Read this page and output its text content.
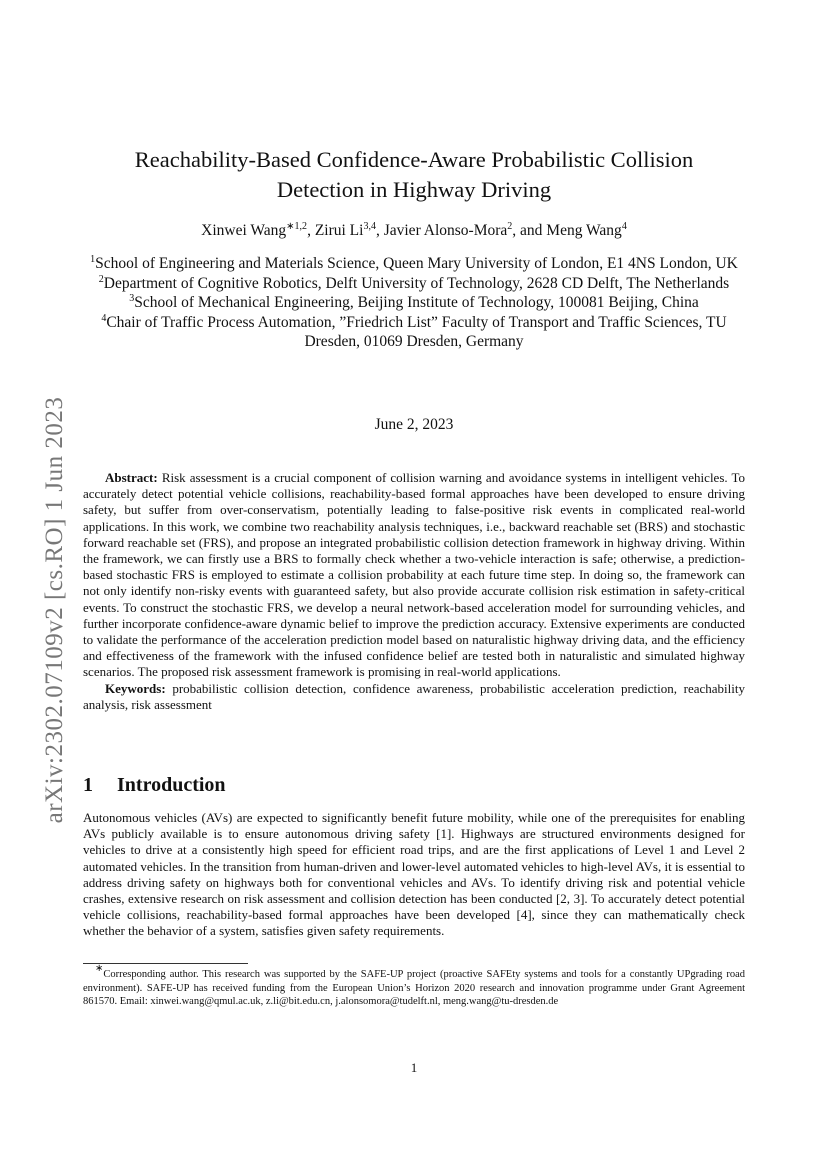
arXiv:2302.07109v2 [cs.RO] 1 Jun 2023
Reachability-Based Confidence-Aware Probabilistic Collision
Detection in Highway Driving
Xinwei Wang$^{∗1,2}$, Zirui Li$^{3,4}$, Javier Alonso-Mora$^2$, and Meng Wang$^4$
$^1$School of Engineering and Materials Science, Queen Mary University of London, E1 4NS London, UK
$^2$Department of Cognitive Robotics, Delft University of Technology, 2628 CD Delft, The Netherlands
$^3$School of Mechanical Engineering, Beijing Institute of Technology, 100081 Beijing, China
$^4$Chair of Traffic Process Automation, ”Friedrich List” Faculty of Transport and Traffic Sciences, TU Dresden, 01069 Dresden, Germany
June 2, 2023

Abstract: Risk assessment is a crucial component of collision warning and avoidance systems in intelligent vehicles. To accurately detect potential vehicle collisions, reachability-based formal approaches have been developed to ensure driving safety, but suffer from over-conservatism, potentially leading to false-positive risk events in complicated real-world applications. In this work, we combine two reachability analysis techniques, i.e., backward reachable set (BRS) and stochastic forward reachable set (FRS), and propose an integrated probabilistic collision detection framework in highway driving. Within the framework, we can firstly use a BRS to formally check whether a two-vehicle interaction is safe; otherwise, a prediction-based stochastic FRS is employed to estimate a collision probability at each future time step. In doing so, the framework can not only identify non-risky events with guaranteed safety, but also provide accurate collision risk estimation in safety-critical events. To construct the stochastic FRS, we develop a neural network-based acceleration model for surrounding vehicles, and further incorporate confidence-aware dynamic belief to improve the prediction accuracy. Extensive experiments are conducted to validate the performance of the acceleration prediction model based on naturalistic highway driving data, and the efficiency and effectiveness of the framework with the infused confidence belief are tested both in naturalistic and simulated highway scenarios. The proposed risk assessment framework is promising in real-world applications.

Keywords: probabilistic collision detection, confidence awareness, probabilistic acceleration prediction, reachability analysis, risk assessment

1 Introduction

Autonomous vehicles (AVs) are expected to significantly benefit future mobility, while one of the prerequisites for enabling AVs publicly available is to ensure autonomous driving safety [1]. Highways are structured environments designed for vehicles to drive at a consistently high speed for efficient road trips, and are the first applications of Level 1 and Level 2 automated vehicles. In the transition from human-driven and lower-level automated vehicles to high-level AVs, it is essential to address driving safety on highways both for conventional vehicles and AVs. To identify driving risk and potential vehicle crashes, extensive research on risk assessment and collision detection has been conducted [2, 3]. To accurately detect potential vehicle collisions, reachability-based formal approaches have been developed [4], since they can mathematically check whether the behavior of a system, satisfies given safety requirements.

∗Corresponding author. This research was supported by the SAFE-UP project (proactive SAFEty systems and tools for a constantly UPgrading road environment). SAFE-UP has received funding from the European Union’s Horizon 2020 research and innovation programme under Grant Agreement 861570. Email: xinwei.wang@qmul.ac.uk, z.li@bit.edu.cn, j.alonsomora@tudelft.nl, meng.wang@tu-dresden.de

1
